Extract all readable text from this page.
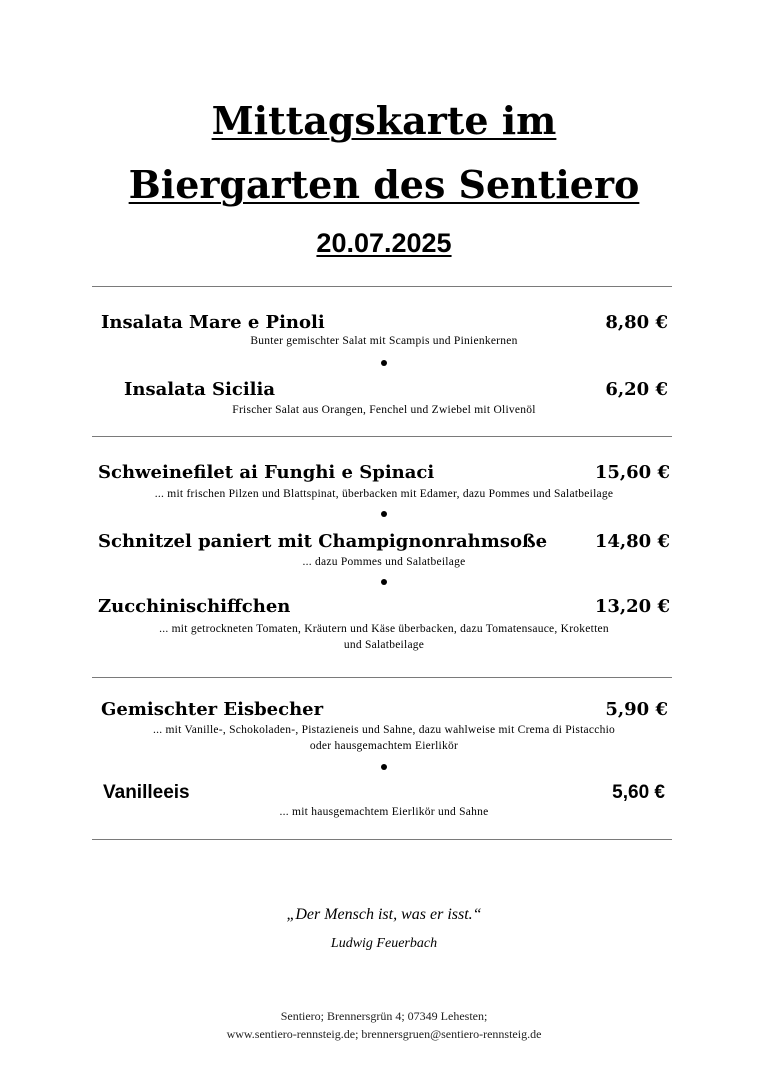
Mittagskarte im
Biergarten des Sentiero
20.07.2025
Insalata Mare e Pinoli	8,80 €
Bunter gemischter Salat mit Scampis und Pinienkernen
Insalata Sicilia	6,20 €
Frischer Salat aus Orangen, Fenchel und Zwiebel mit Olivenöl
Schweinefilet ai Funghi e Spinaci	15,60 €
... mit frischen Pilzen und Blattspinat, überbacken mit Edamer, dazu Pommes und Salatbeilage
Schnitzel paniert mit Champignonrahmsoße	14,80 €
... dazu Pommes und Salatbeilage
Zucchinischiffchen	13,20 €
... mit getrockneten Tomaten, Kräutern und Käse überbacken, dazu Tomatensauce, Kroketten
und Salatbeilage
Gemischter Eisbecher	5,90 €
... mit Vanille-, Schokoladen-, Pistazieneis und Sahne, dazu wahlweise mit Crema di Pistacchio
oder hausgemachtem Eierlikör
Vanilleeis	5,60 €
... mit hausgemachtem Eierlikör und Sahne
„Der Mensch ist, was er isst.“
Ludwig Feuerbach
Sentiero; Brennersgrün 4; 07349 Lehesten;
www.sentiero-rennsteig.de; brennersgruen@sentiero-rennsteig.de
